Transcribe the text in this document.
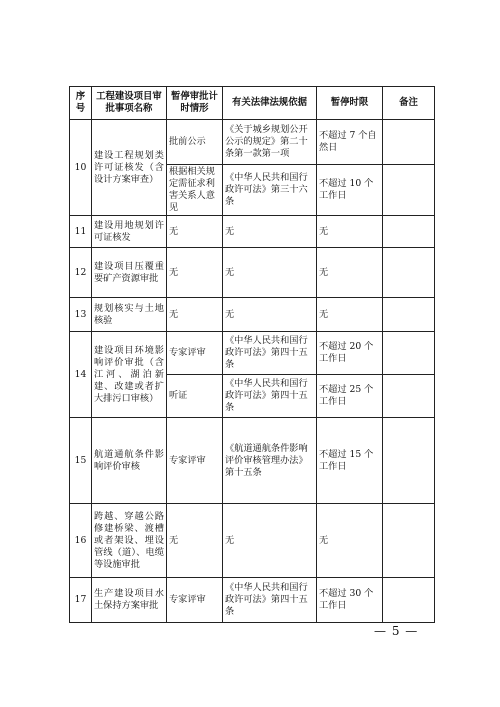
序号	工程建设项目审批事项名称	暂停审批计时情形	有关法律法规依据	暂停时限	备注
10	建设工程规划类许可证核发（含设计方案审查）	批前公示	《关于城乡规划公开公示的规定》第二十条第一款第一项	不超过 7 个自然日	
		根据相关规定需征求利害关系人意见	《中华人民共和国行政许可法》第三十六条	不超过 10 个工作日	
11	建设用地规划许可证核发	无	无	无	
12	建设项目压覆重要矿产资源审批	无	无	无	
13	规划核实与土地核验	无	无	无	
14	建设项目环境影响评价审批（含江河、湖泊新建、改建或者扩大排污口审核）	专家评审	《中华人民共和国行政许可法》第四十五条	不超过 20 个工作日	
		听证	《中华人民共和国行政许可法》第四十五条	不超过 25 个工作日	
15	航道通航条件影响评价审核	专家评审	《航道通航条件影响评价审核管理办法》第十五条	不超过 15 个工作日	
16	跨越、穿越公路修建桥梁、渡槽或者架设、埋设管线（道）、电缆等设施审批	无	无	无	
17	生产建设项目水土保持方案审批	专家评审	《中华人民共和国行政许可法》第四十五条	不超过 30 个工作日	
— 5 —
